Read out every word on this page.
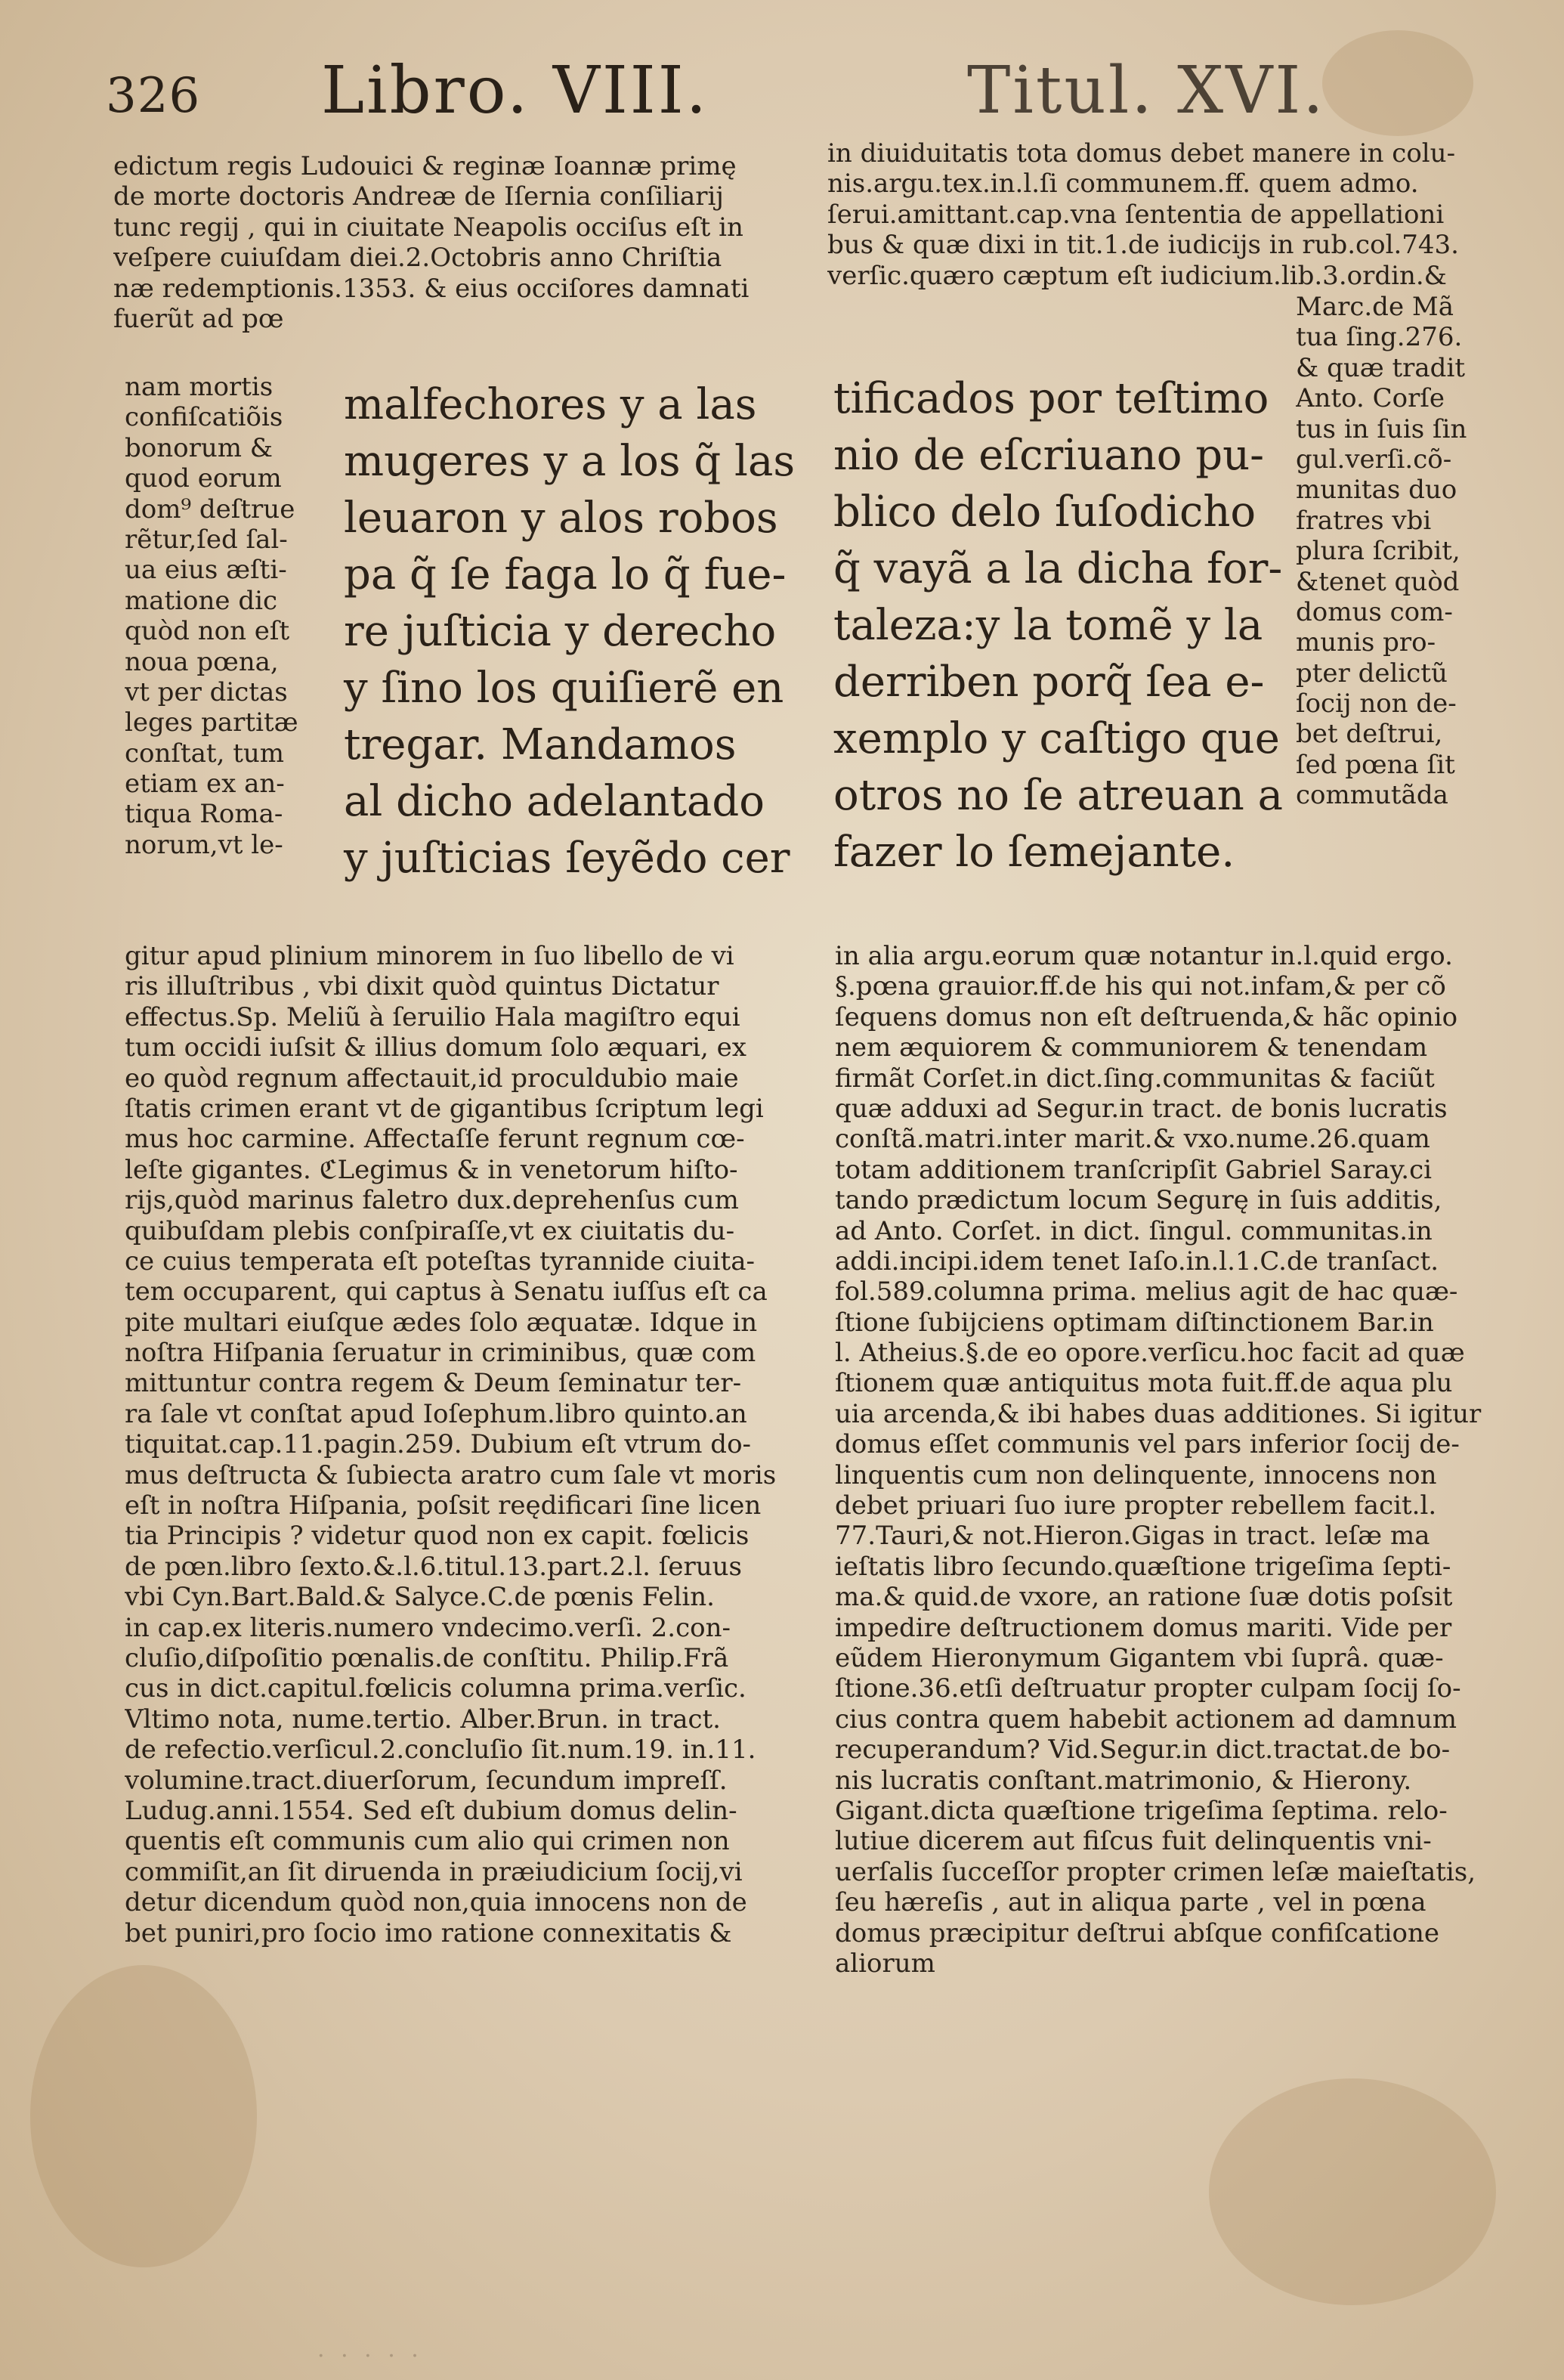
326 Libro. VIII.	Titul. XVI.
edictum regis Ludouici & reginæ Ioannæ primę
de morte doctoris Andreæ de Iſernia conſiliarij
tunc regij , qui in ciuitate Neapolis occiſus eſt in
veſpere cuiuſdam diei.2.Octobris anno Chriſtia
næ redemptionis.1353. & eius occiſores damnati
fuerũt ad pœ
nam mortis
confiſcatiõis
bonorum &
quod eorum
dom⁹ deſtrue
rẽtur,ſed ſal-
ua eius æſti-
matione dic
quòd non eſt
noua pœna,
vt per dictas
leges partitæ
conſtat, tum
etiam ex an-
tiqua Roma-
norum,vt le-
malfechores y a las
mugeres y a los q̃ las
leuaron y alos robos
pa q̃ ſe faga lo q̃ fue-
re juſticia y derecho
y ſino los quiſierẽ en
tregar. Mandamos
al dicho adelantado
y juſticias ſeyẽdo cer
gitur apud plinium minorem in ſuo libello de vi
ris illuſtribus , vbi dixit quòd quintus Dictatur
effectus.Sp. Meliũ à ſeruilio Hala magiſtro equi
tum occidi iuſsit & illius domum ſolo æquari, ex
eo quòd regnum affectauit,id proculdubio maie
ſtatis crimen erant vt de gigantibus ſcriptum legi
mus hoc carmine. Affectaſſe ferunt regnum cœ-
leſte gigantes. ℭLegimus & in venetorum hiſto-
rijs,quòd marinus faletro dux.deprehenſus cum
quibuſdam plebis conſpiraſſe,vt ex ciuitatis du-
ce cuius temperata eſt poteſtas tyrannide ciuita-
tem occuparent, qui captus à Senatu iuſſus eſt ca
pite multari eiuſque ædes ſolo æquatæ. Idque in
noſtra Hiſpania ſeruatur in criminibus, quæ com
mittuntur contra regem & Deum ſeminatur ter-
ra ſale vt conſtat apud Ioſephum.libro quinto.an
tiquitat.cap.11.pagin.259. Dubium eſt vtrum do-
mus deſtructa & ſubiecta aratro cum ſale vt moris
eſt in noſtra Hiſpania, poſsit reędificari ſine licen
tia Principis ? videtur quod non ex capit. fœlicis
de pœn.libro ſexto.&.l.6.titul.13.part.2.l. ſeruus
vbi Cyn.Bart.Bald.& Salyce.C.de pœnis Felin.
in cap.ex literis.numero vndecimo.verſi. 2.con-
cluſio,diſpoſitio pœnalis.de conſtitu. Philip.Frã
cus in dict.capitul.fœlicis columna prima.verſic.
Vltimo nota, nume.tertio. Alber.Brun. in tract.
de refectio.verſicul.2.concluſio ſit.num.19. in.11.
volumine.tract.diuerſorum, ſecundum impreſſ.
Ludug.anni.1554. Sed eſt dubium domus delin-
quentis eſt communis cum alio qui crimen non
commiſit,an ſit diruenda in præiudicium ſocij,vi
detur dicendum quòd non,quia innocens non de
bet puniri,pro ſocio imo ratione connexitatis &
in diuiduitatis tota domus debet manere in colu-
nis.argu.tex.in.l.ſi communem.ff. quem admo.
ſerui.amittant.cap.vna ſententia de appellationi
bus & quæ dixi in tit.1.de iudicijs in rub.col.743.
verſic.quæro cæptum eſt iudicium.lib.3.ordin.&
tificados por teſtimo
nio de eſcriuano pu-
blico delo ſuſodicho
q̃ vayã a la dicha for-
taleza:y la tomẽ y la
derriben porq̃ ſea e-
xemplo y caſtigo que
otros no ſe atreuan a
fazer lo ſemejante.
Marc.de Mã
tua ſing.276.
& quæ tradit
Anto. Corſe
tus in ſuis ſin
gul.verſi.cõ-
munitas duo
fratres vbi
plura ſcribit,
&tenet quòd
domus com-
munis pro-
pter delictũ
ſocij non de-
bet deſtrui,
ſed pœna ſit
commutãda
in alia argu.eorum quæ notantur in.l.quid ergo.
§.pœna grauior.ff.de his qui not.infam,& per cõ
ſequens domus non eſt deſtruenda,& hãc opinio
nem æquiorem & communiorem & tenendam
firmãt Corſet.in dict.ſing.communitas & faciũt
quæ adduxi ad Segur.in tract. de bonis lucratis
conſtã.matri.inter marit.& vxo.nume.26.quam
totam additionem tranſcripſit Gabriel Saray.ci
tando prædictum locum Segurę in ſuis additis,
ad Anto. Corſet. in dict. ſingul. communitas.in
addi.incipi.idem tenet Iaſo.in.l.1.C.de tranſact.
fol.589.columna prima. melius agit de hac quæ-
ſtione ſubijciens optimam diſtinctionem Bar.in
l. Atheius.§.de eo opore.verſicu.hoc facit ad quæ
ſtionem quæ antiquitus mota fuit.ff.de aqua plu
uia arcenda,& ibi habes duas additiones. Si igitur
domus eſſet communis vel pars inferior ſocij de-
linquentis cum non delinquente, innocens non
debet priuari ſuo iure propter rebellem facit.l.
77.Tauri,& not.Hieron.Gigas in tract. leſæ ma
ieſtatis libro ſecundo.quæſtione trigeſima ſepti-
ma.& quid.de vxore, an ratione ſuæ dotis poſsit
impedire deſtructionem domus mariti. Vide per
eũdem Hieronymum Gigantem vbi ſuprâ. quæ-
ſtione.36.etſi deſtruatur propter culpam ſocij ſo-
cius contra quem habebit actionem ad damnum
recuperandum? Vid.Segur.in dict.tractat.de bo-
nis lucratis conſtant.matrimonio, & Hierony.
Gigant.dicta quæſtione trigeſima ſeptima. relo-
lutiue dicerem aut fiſcus fuit delinquentis vni-
uerſalis ſucceſſor propter crimen leſæ maieſtatis,
ſeu hæreſis , aut in aliqua parte , vel in pœna
domus præcipitur deſtrui abſque confiſcatione
aliorum
· · · · ·
